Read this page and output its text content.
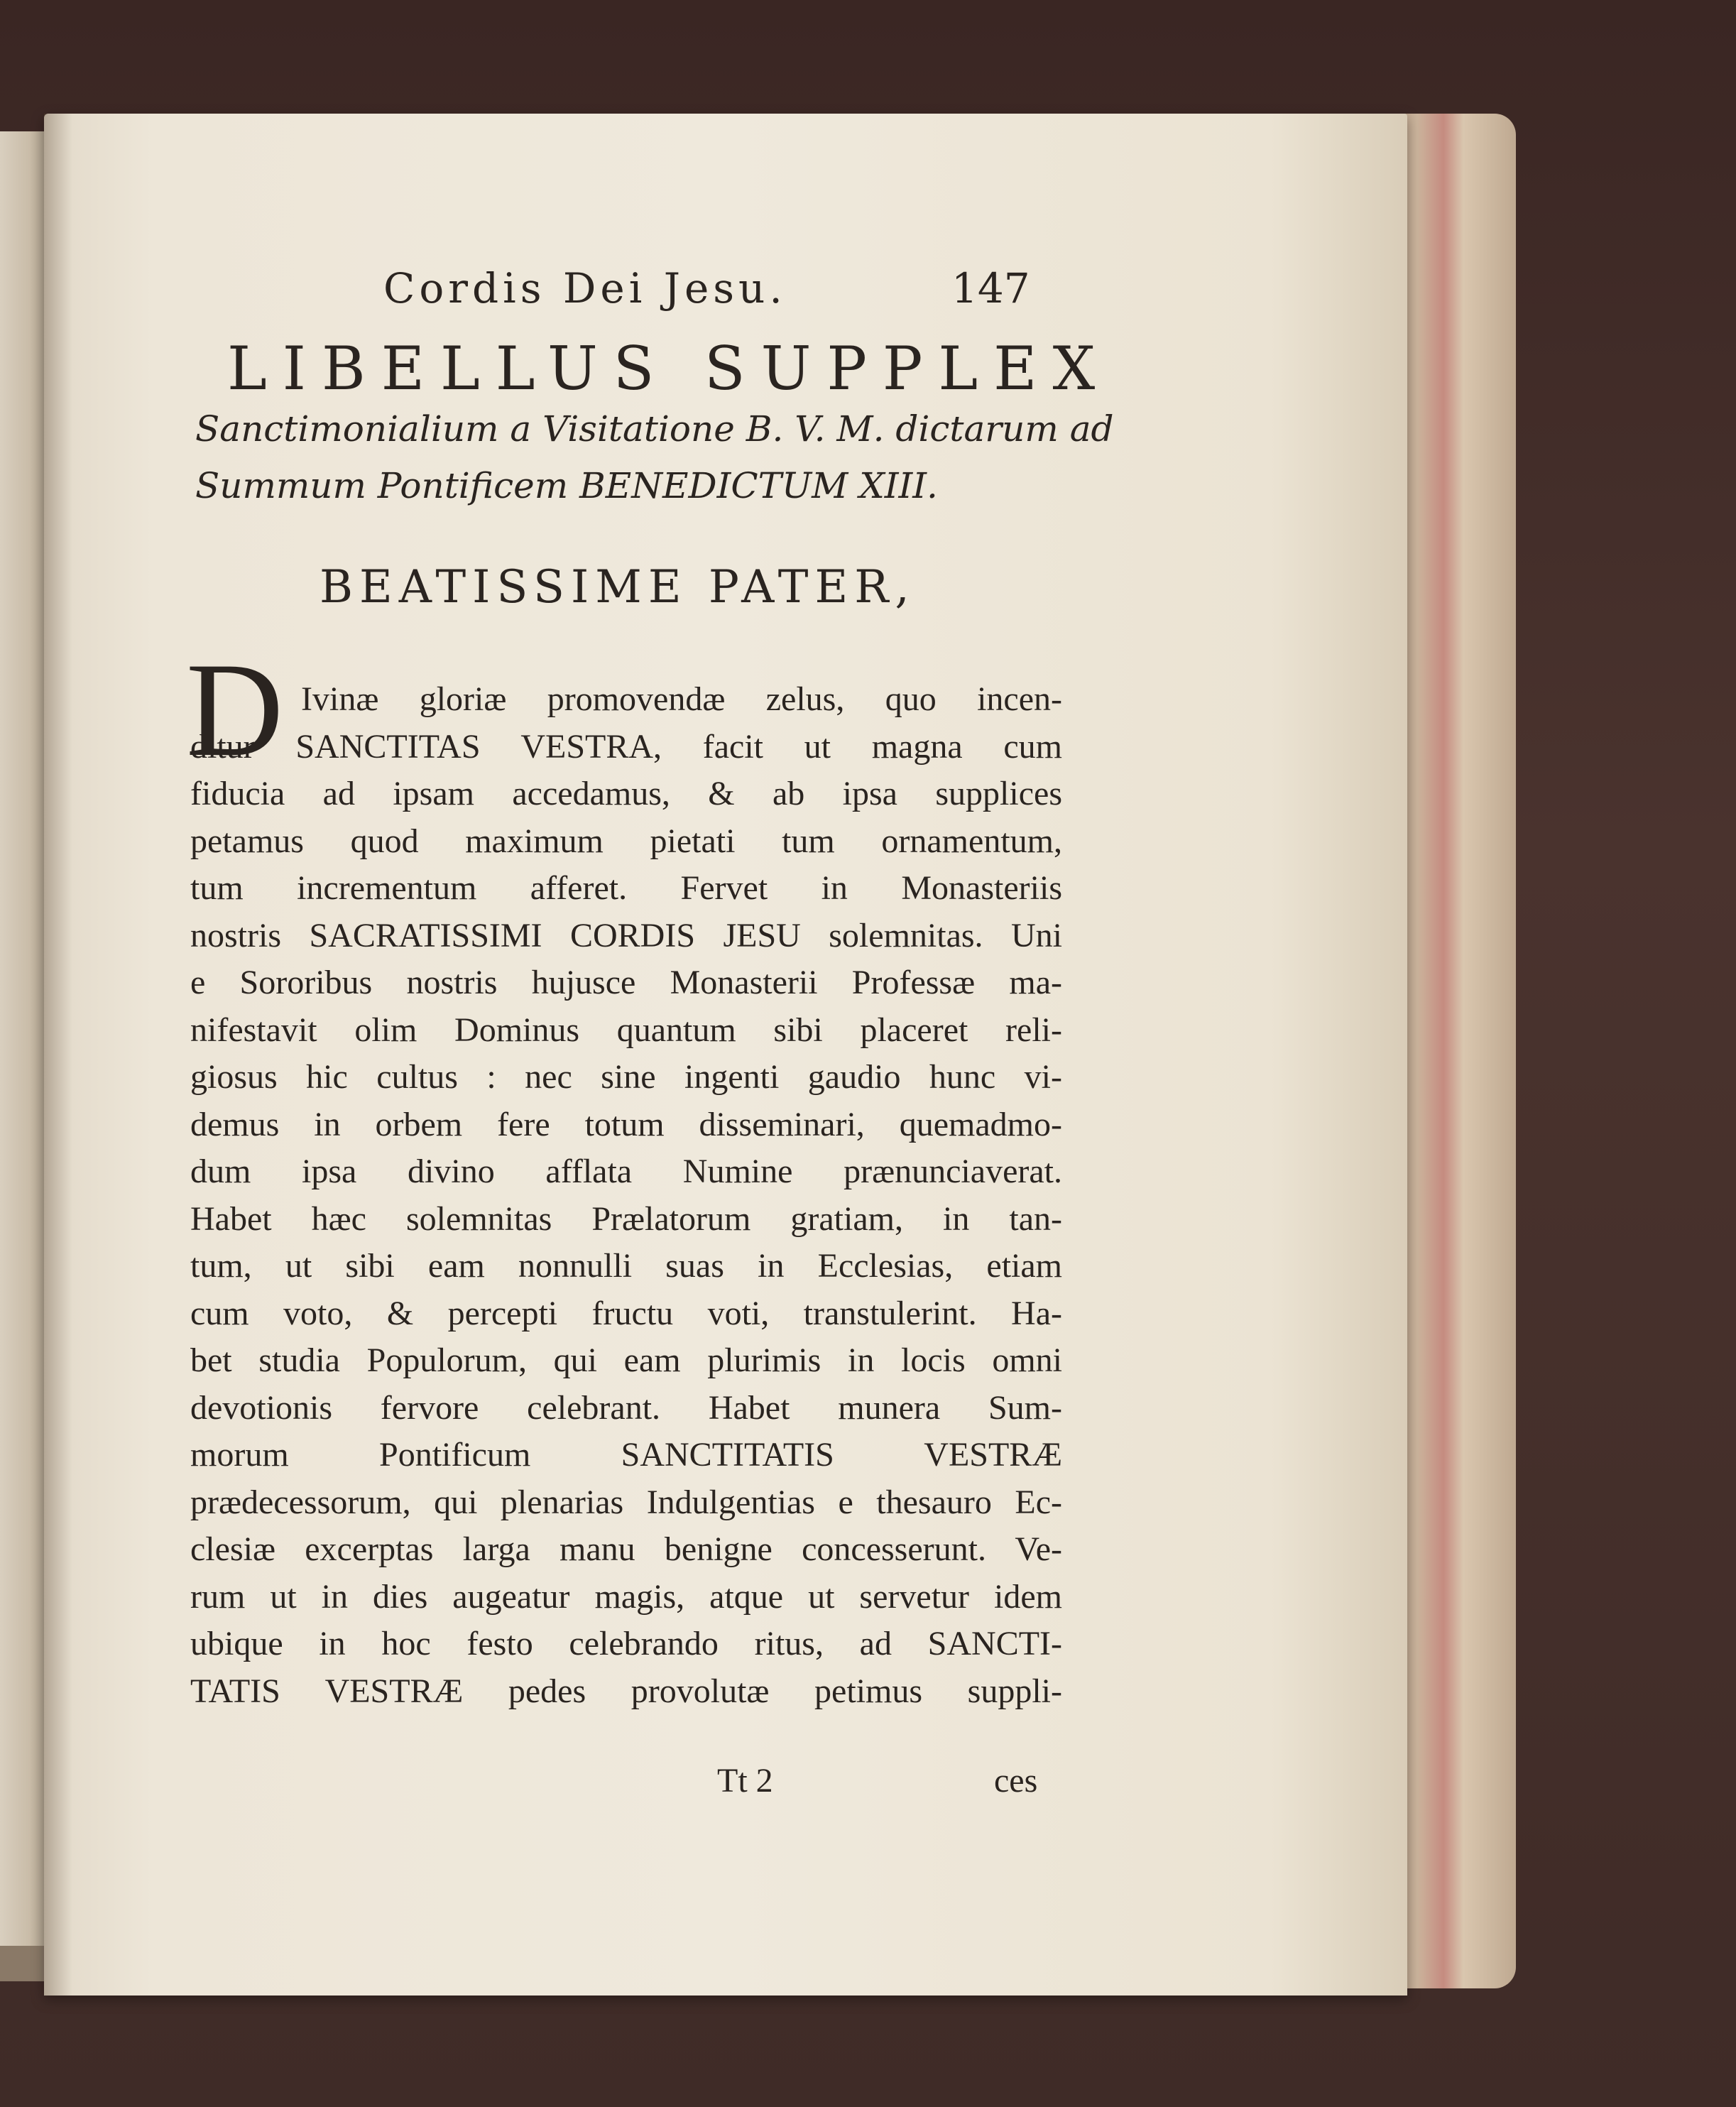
Cordis Dei Jesu.	147
LIBELLUS SUPPLEX
Sanctimonialium a Visitatione B. V. M. dictarum ad
Summum Pontificem BENEDICTUM XIII.
BEATISSIME PATER,
D Ivinæ gloriæ promovendæ zelus, quo incen-
ditur SANCTITAS VESTRA, facit ut magna cum
fiducia ad ipsam accedamus, & ab ipsa supplices
petamus quod maximum pietati tum ornamentum,
tum incrementum afferet. Fervet in Monasteriis
nostris SACRATISSIMI CORDIS JESU solemnitas. Uni
e Sororibus nostris hujusce Monasterii Professæ ma-
nifestavit olim Dominus quantum sibi placeret reli-
giosus hic cultus : nec sine ingenti gaudio hunc vi-
demus in orbem fere totum disseminari, quemadmo-
dum ipsa divino afflata Numine prænunciaverat.
Habet hæc solemnitas Prælatorum gratiam, in tan-
tum, ut sibi eam nonnulli suas in Ecclesias, etiam
cum voto, & percepti fructu voti, transtulerint. Ha-
bet studia Populorum, qui eam plurimis in locis omni
devotionis fervore celebrant. Habet munera Sum-
morum Pontificum SANCTITATIS VESTRÆ
prædecessorum, qui plenarias Indulgentias e thesauro Ec-
clesiæ excerptas larga manu benigne concesserunt. Ve-
rum ut in dies augeatur magis, atque ut servetur idem
ubique in hoc festo celebrando ritus, ad SANCTI-
TATIS VESTRÆ pedes provolutæ petimus suppli-
Tt 2	ces
